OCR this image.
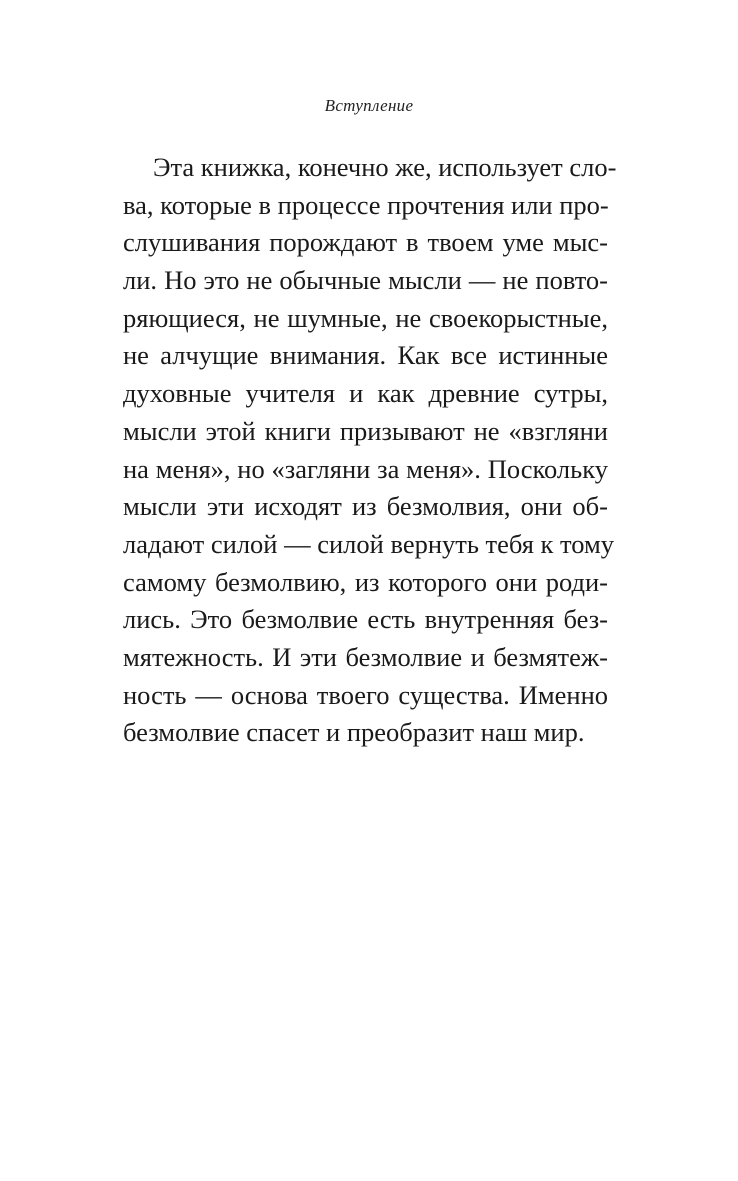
Вступление

Эта книжка, конечно же, использует сло-
ва, которые в процессе прочтения или про-
слушивания порождают в твоем уме мыс-
ли. Но это не обычные мысли — не повто-
ряющиеся, не шумные, не своекорыстные,
не алчущие внимания. Как все истинные
духовные учителя и как древние сутры,
мысли этой книги призывают не «взгляни
на меня», но «загляни за меня». Поскольку
мысли эти исходят из безмолвия, они об-
ладают силой — силой вернуть тебя к тому
самому безмолвию, из которого они роди-
лись. Это безмолвие есть внутренняя без-
мятежность. И эти безмолвие и безмятеж-
ность — основа твоего существа. Именно
безмолвие спасет и преобразит наш мир.
